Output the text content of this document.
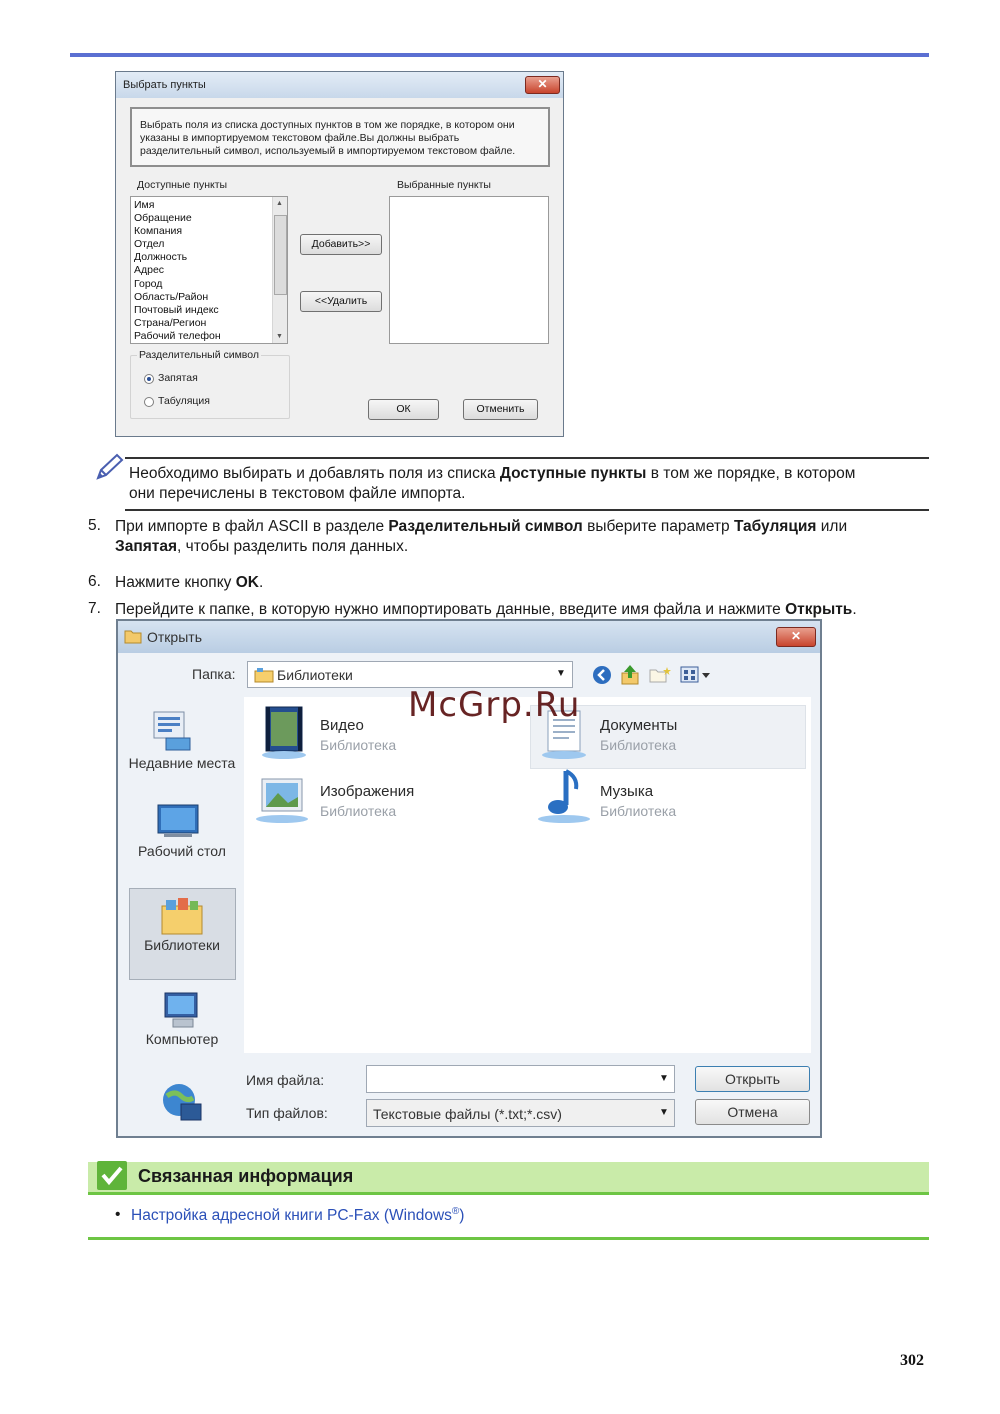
Выбрать пункты	✕
Выбрать поля из списка доступных пунктов в том же порядке, в котором они
указаны в импортируемом текстовом файле.Вы должны выбрать
разделительный символ, используемый в импортируемом текстовом файле.
Доступные пункты	Выбранные пункты
Имя
Обращение
Компания
Отдел
Должность
Адрес
Город
Область/Район
Почтовый индекс
Страна/Регион
Рабочий телефон
▲
▼
Добавить>>
<<Удалить
Разделительный символ
Запятая
Табуляция
ОК	Отменить
Необходимо выбирать и добавлять поля из списка Доступные пункты в том же порядке, в котором
они перечислены в текстовом файле импорта.
5. При импорте в файл ASCII в разделе Разделительный символ выберите параметр Табуляция или
Запятая, чтобы разделить поля данных.
6. Нажмите кнопку OK.
7. Перейдите к папке, в которую нужно импортировать данные, введите имя файла и нажмите Открыть.
Открыть	✕
Папка:	Библиотеки	▼
Недавние места
Рабочий стол
Библиотеки
Компьютер
Видео
Библиотека
Документы
Библиотека
Изображения
Библиотека
Музыка
Библиотека
Имя файла:	▼	Открыть
Тип файлов:	Текстовые файлы (*.txt;*.csv)	▼	Отмена
McGrp.Ru
Связанная информация
• Настройка адресной книги PC-Fax (Windows®)
302
